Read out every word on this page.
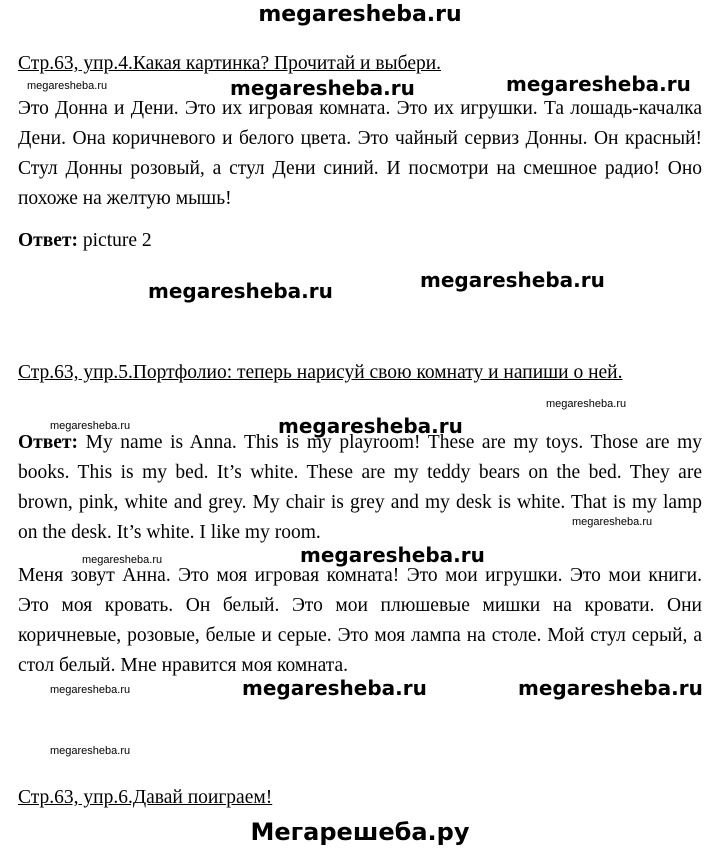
megaresheba.ru

Стр.63, упр.4.Какая картинка? Прочитай и выбери.

megaresheba.ru	megaresheba.ru	megaresheba.ru

Это Донна и Дени. Это их игровая комната. Это их игрушки. Та лошадь-качалка Дени. Она коричневого и белого цвета. Это чайный сервиз Донны. Он красный! Стул Донны розовый, а стул Дени синий. И посмотри на смешное радио! Оно похоже на желтую мышь!

Ответ: picture 2

megaresheba.ru
megaresheba.ru

Стр.63, упр.5.Портфолио: теперь нарисуй свою комнату и напиши о ней.

megaresheba.ru	megaresheba.ru
megaresheba.ru

Ответ: My name is Anna. This is my playroom! These are my toys. Those are my books. This is my bed. It’s white. These are my teddy bears on the bed. They are brown, pink, white and grey. My chair is grey and my desk is white. That is my lamp on the desk. It’s white. I like my room.	megaresheba.ru
megaresheba.ru	megaresheba.ru

Меня зовут Анна. Это моя игровая комната! Это мои игрушки. Это мои книги. Это моя кровать. Он белый. Это мои плюшевые мишки на кровати. Они коричневые, розовые, белые и серые. Это моя лампа на столе. Мой стул серый, а стол белый. Мне нравится моя комната.

megaresheba.ru	megaresheba.ru	megaresheba.ru
megaresheba.ru

Стр.63, упр.6.Давай поиграем!

Мегарешеба.ру
